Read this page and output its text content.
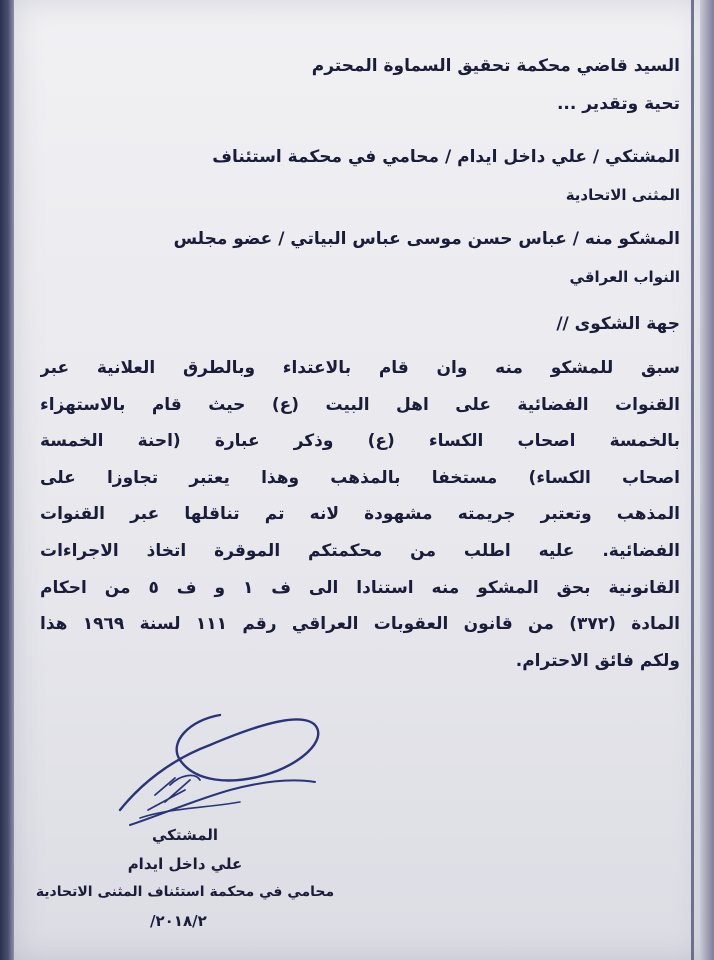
السيد قاضي محكمة تحقيق السماوة المحترم
تحية وتقدير ...
المشتكي / علي داخل ايدام / محامي في محكمة استئناف
المثنى الاتحادية
المشكو منه / عباس حسن موسى عباس البياتي / عضو مجلس
النواب العراقي
جهة الشكوى //
سبق للمشكو منه وان قام بالاعتداء وبالطرق العلانية عبر
القنوات الفضائية على اهل البيت (ع) حيث قام بالاستهزاء
بالخمسة اصحاب الكساء (ع) وذكر عبارة (احنة الخمسة
اصحاب الكساء) مستخفا بالمذهب وهذا يعتبر تجاوزا على
المذهب وتعتبر جريمته مشهودة لانه تم تناقلها عبر القنوات
الفضائية. عليه اطلب من محكمتكم الموقرة اتخاذ الاجراءات
القانونية بحق المشكو منه استنادا الى ف ١ و ف ٥ من احكام
المادة (٣٧٢) من قانون العقوبات العراقي رقم ١١١ لسنة ١٩٦٩ هذا
ولكم فائق الاحترام.
المشتكي
علي داخل ايدام
محامي في محكمة استئناف المثنى الاتحادية
٢٠١٨/٢/
